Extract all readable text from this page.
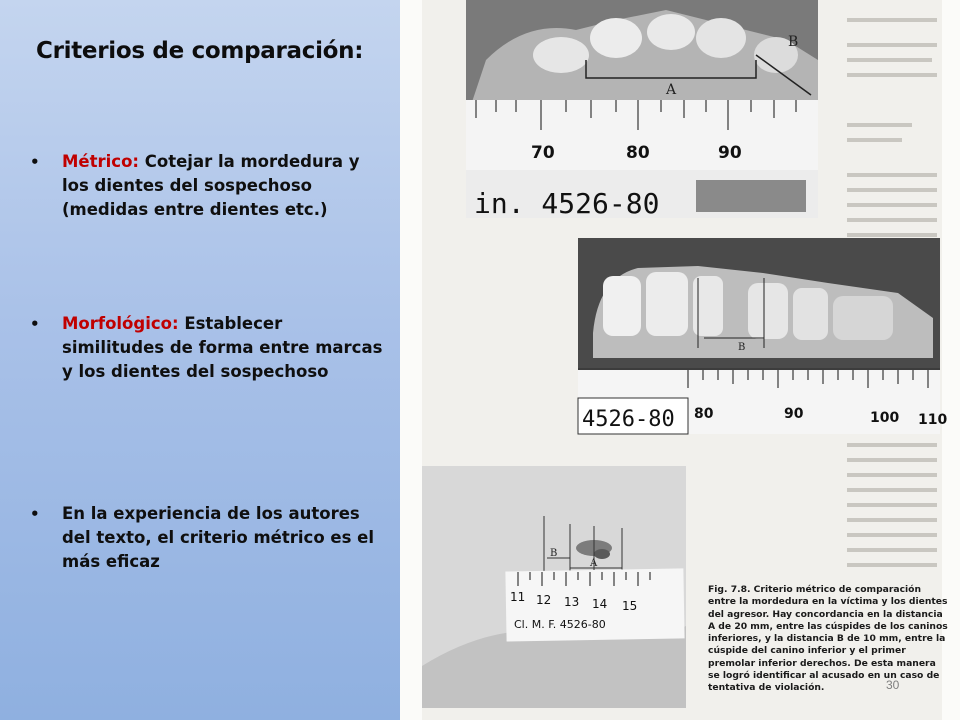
Criterios de comparación:
• Métrico: Cotejar la mordedura y los dientes del sospechoso (medidas entre dientes etc.)
• Morfológico: Establecer similitudes de forma entre marcas y los dientes del sospechoso
• En la experiencia de los autores del texto, el criterio métrico es el más eficaz
A
B
70	80	90
in. 4526-80
B
4526-80 80	90	100 110
B
A
11 12 13 14 15
Cl. M. F. 4526-80
Fig. 7.8. Criterio métrico de comparación entre la mordedura en la víctima y los dientes del agresor. Hay concordancia en la distancia A de 20 mm, entre las cúspides de los caninos inferiores, y la distancia B de 10 mm, entre la cúspide del canino inferior y el primer premolar inferior derechos. De esta manera se logró identificar al acusado en un caso de tentativa de violación.	30
